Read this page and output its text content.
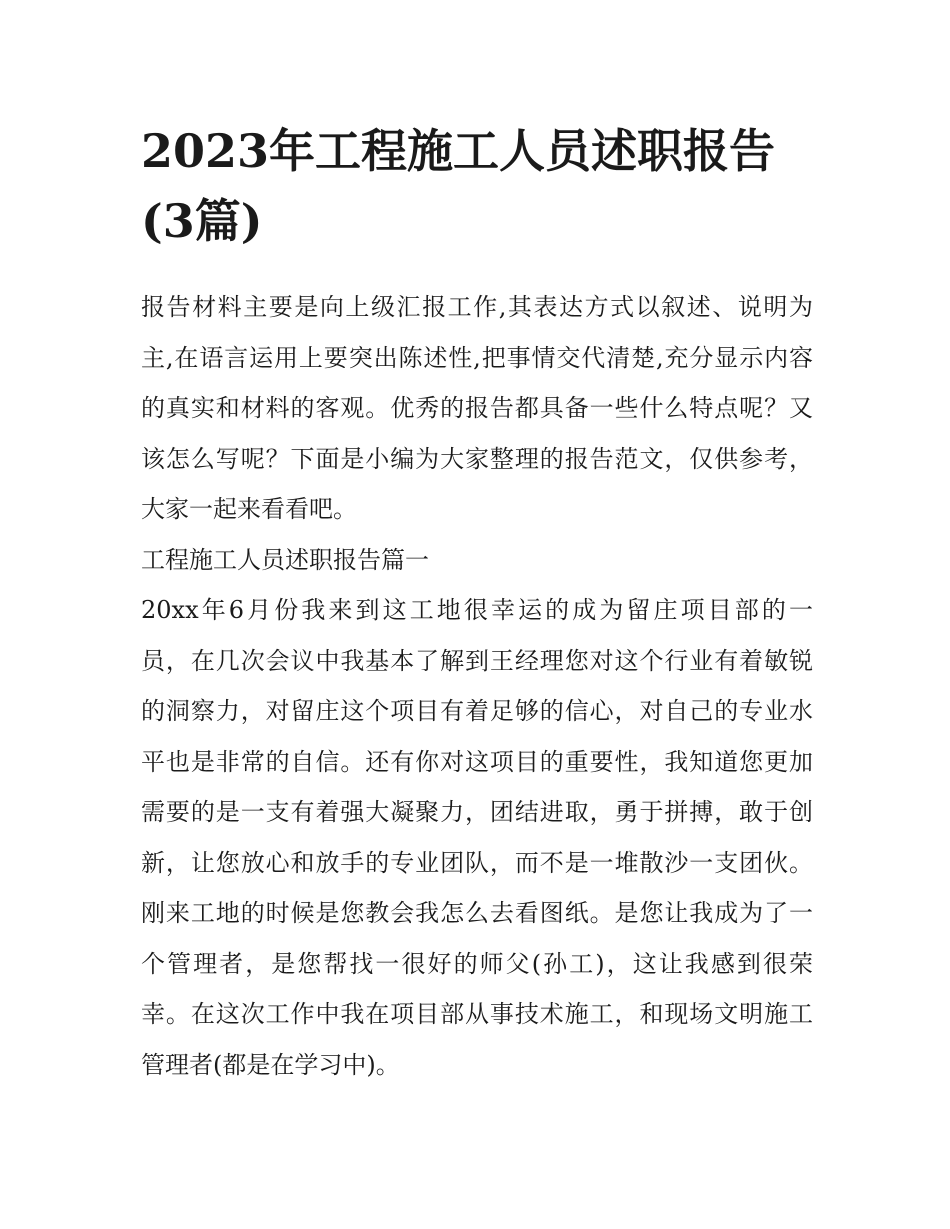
2023年工程施工人员述职报告
(3篇)
报告材料主要是向上级汇报工作,其表达方式以叙述、说明为
主,在语言运用上要突出陈述性,把事情交代清楚,充分显示内容
的真实和材料的客观。优秀的报告都具备一些什么特点呢？又
该怎么写呢？下面是小编为大家整理的报告范文，仅供参考，
大家一起来看看吧。
工程施工人员述职报告篇一
20xx年6月份我来到这工地很幸运的成为留庄项目部的一
员，在几次会议中我基本了解到王经理您对这个行业有着敏锐
的洞察力，对留庄这个项目有着足够的信心，对自己的专业水
平也是非常的自信。还有你对这项目的重要性，我知道您更加
需要的是一支有着强大凝聚力，团结进取，勇于拼搏，敢于创
新，让您放心和放手的专业团队，而不是一堆散沙一支团伙。
刚来工地的时候是您教会我怎么去看图纸。是您让我成为了一
个管理者，是您帮找一很好的师父(孙工)，这让我感到很荣
幸。在这次工作中我在项目部从事技术施工，和现场文明施工
管理者(都是在学习中)。
